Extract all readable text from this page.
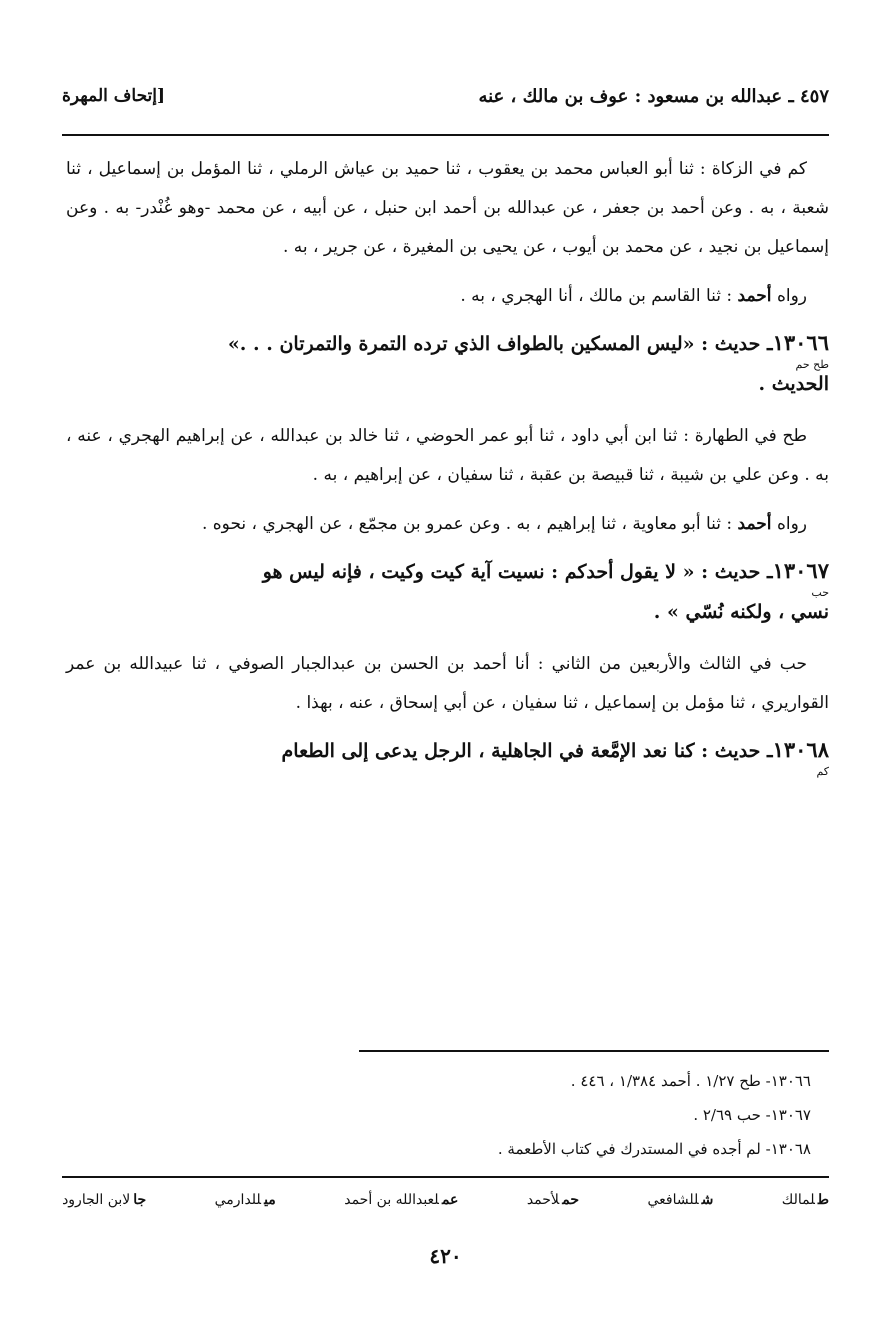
٤٥٧ ـ عبدالله بن مسعود : عوف بن مالك ، عنه
[إتحاف المهرة

كم في الزكاة : ثنا أبو العباس محمد بن يعقوب ، ثنا حميد بن عياش الرملي ، ثنا المؤمل بن إسماعيل ، ثنا شعبة ، به . وعن أحمد بن جعفر ، عن عبدالله بن أحمد ابن حنبل ، عن أبيه ، عن محمد -وهو غُنْدر- به . وعن إسماعيل بن نجيد ، عن محمد بن أيوب ، عن يحيى بن المغيرة ، عن جرير ، به .

رواه أحمد : ثنا القاسم بن مالك ، أنا الهجري ، به .

١٣٠٦٦ـ حديث : «ليس المسكين بالطواف الذي ترده التمرة والتمرتان . . .»
طح حم
الحديث .

طح في الطهارة : ثنا ابن أبي داود ، ثنا أبو عمر الحوضي ، ثنا خالد بن عبدالله ، عن إبراهيم الهجري ، عنه ، به . وعن علي بن شيبة ، ثنا قبيصة بن عقبة ، ثنا سفيان ، عن إبراهيم ، به .

رواه أحمد : ثنا أبو معاوية ، ثنا إبراهيم ، به . وعن عمرو بن مجمّع ، عن الهجري ، نحوه .

١٣٠٦٧ـ حديث : « لا يقول أحدكم : نسيت آية كيت وكيت ، فإنه ليس هو
حب
نسي ، ولكنه نُسّي » .

حب في الثالث والأربعين من الثاني : أنا أحمد بن الحسن بن عبدالجبار الصوفي ، ثنا عبيدالله بن عمر القواريري ، ثنا مؤمل بن إسماعيل ، ثنا سفيان ، عن أبي إسحاق ، عنه ، بهذا .

١٣٠٦٨ـ حديث : كنا نعد الإمَّعة في الجاهلية ، الرجل يدعى إلى الطعام
كم
١٣٠٦٦- طح ١/٢٧ . أحمد ١/٣٨٤ ، ٤٤٦ .
١٣٠٦٧- حب ٢/٦٩ .
١٣٠٦٨- لم أجده في المستدرك في كتاب الأطعمة .
طلمالك
شللشافعي
حملأحمد
عملعبدالله بن أحمد
ميللدارمي
جالابن الجارود
٤٢٠
